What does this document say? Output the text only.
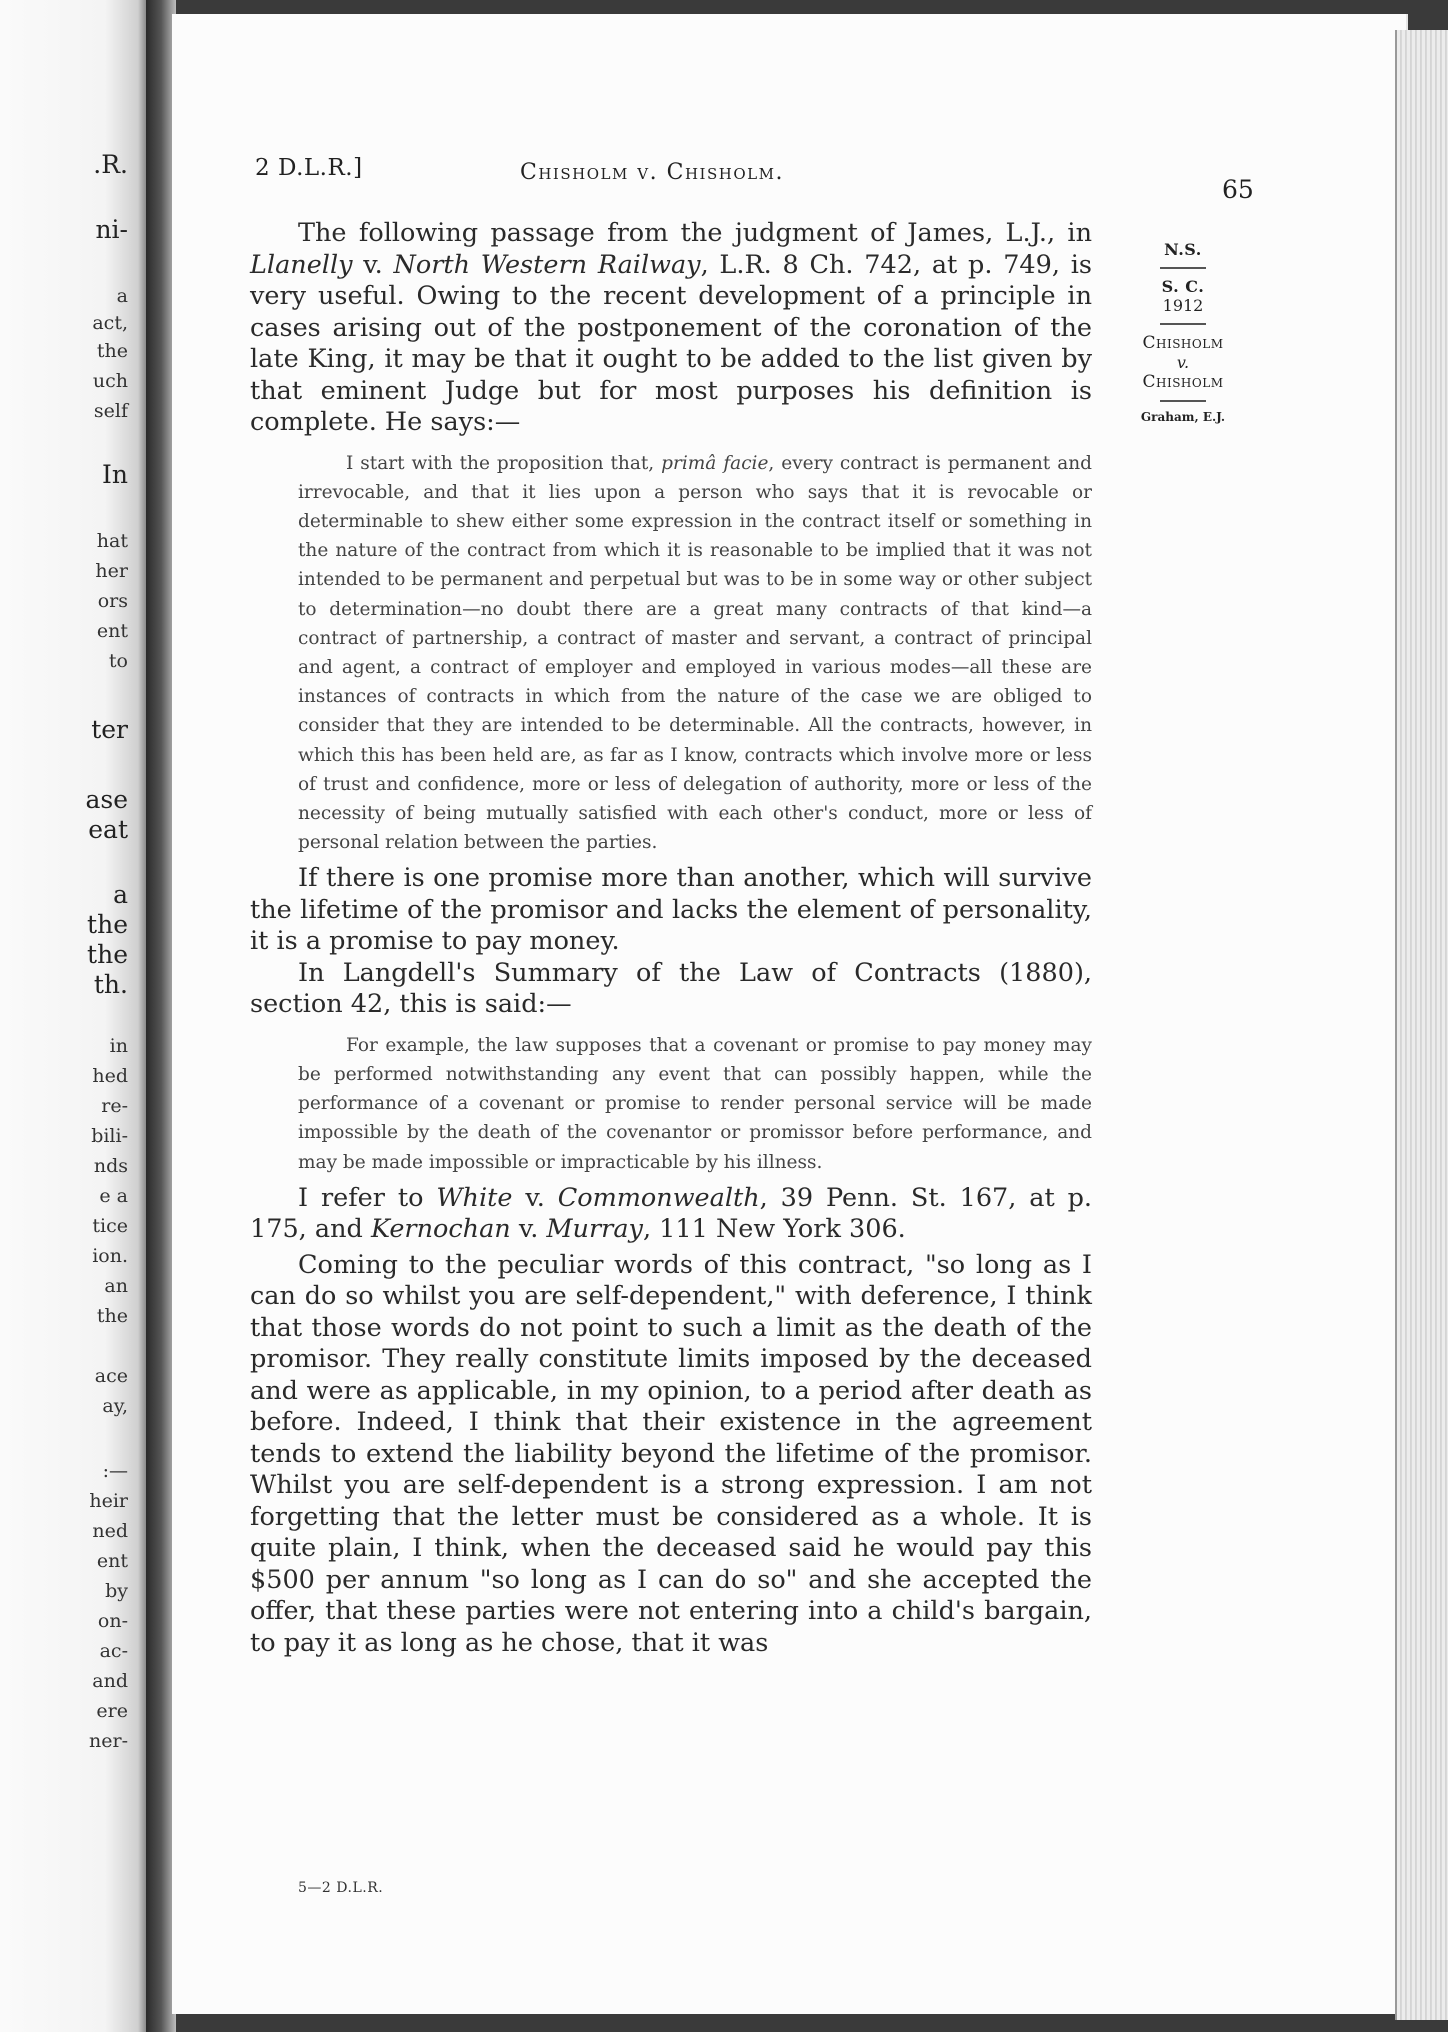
.R.
ni-
a
act,
the
uch
self
In
hat
her
ors
ent
to
ter
ase
eat
a
the
the
th.
in
hed
re-
bili-
nds
e a
tice
ion.
an
the
ace
ay,
:—
heir
ned
ent
by
on-
ac-
and
ere
ner-
2 D.L.R.]	Chisholm v. Chisholm.
65
N.S.
S. C.
1912
Chisholm
v.
Chisholm
Graham, E.J.

The following passage from the judgment of James, L.J., in Llanelly v. North Western Railway, L.R. 8 Ch. 742, at p. 749, is very useful. Owing to the recent development of a principle in cases arising out of the postponement of the coronation of the late King, it may be that it ought to be added to the list given by that eminent Judge but for most purposes his definition is complete. He says:—

I start with the proposition that, primâ facie, every contract is permanent and irrevocable, and that it lies upon a person who says that it is revocable or determinable to shew either some expression in the contract itself or something in the nature of the contract from which it is reasonable to be implied that it was not intended to be permanent and perpetual but was to be in some way or other subject to determination—no doubt there are a great many contracts of that kind—a contract of partnership, a contract of master and servant, a contract of principal and agent, a contract of employer and employed in various modes—all these are instances of contracts in which from the nature of the case we are obliged to consider that they are intended to be determinable. All the contracts, however, in which this has been held are, as far as I know, contracts which involve more or less of trust and confidence, more or less of delegation of authority, more or less of the necessity of being mutually satisfied with each other's conduct, more or less of personal relation between the parties.

If there is one promise more than another, which will survive the lifetime of the promisor and lacks the element of personality, it is a promise to pay money.

In Langdell's Summary of the Law of Contracts (1880), section 42, this is said:—

For example, the law supposes that a covenant or promise to pay money may be performed notwithstanding any event that can possibly happen, while the performance of a covenant or promise to render personal service will be made impossible by the death of the covenantor or promissor before performance, and may be made impossible or impracticable by his illness.

I refer to White v. Commonwealth, 39 Penn. St. 167, at p. 175, and Kernochan v. Murray, 111 New York 306.

Coming to the peculiar words of this contract, "so long as I can do so whilst you are self-dependent," with deference, I think that those words do not point to such a limit as the death of the promisor. They really constitute limits imposed by the deceased and were as applicable, in my opinion, to a period after death as before. Indeed, I think that their existence in the agreement tends to extend the liability beyond the lifetime of the promisor. Whilst you are self-dependent is a strong expression. I am not forgetting that the letter must be considered as a whole. It is quite plain, I think, when the deceased said he would pay this $500 per annum "so long as I can do so" and she accepted the offer, that these parties were not entering into a child's bargain, to pay it as long as he chose, that it was

5—2 D.L.R.
